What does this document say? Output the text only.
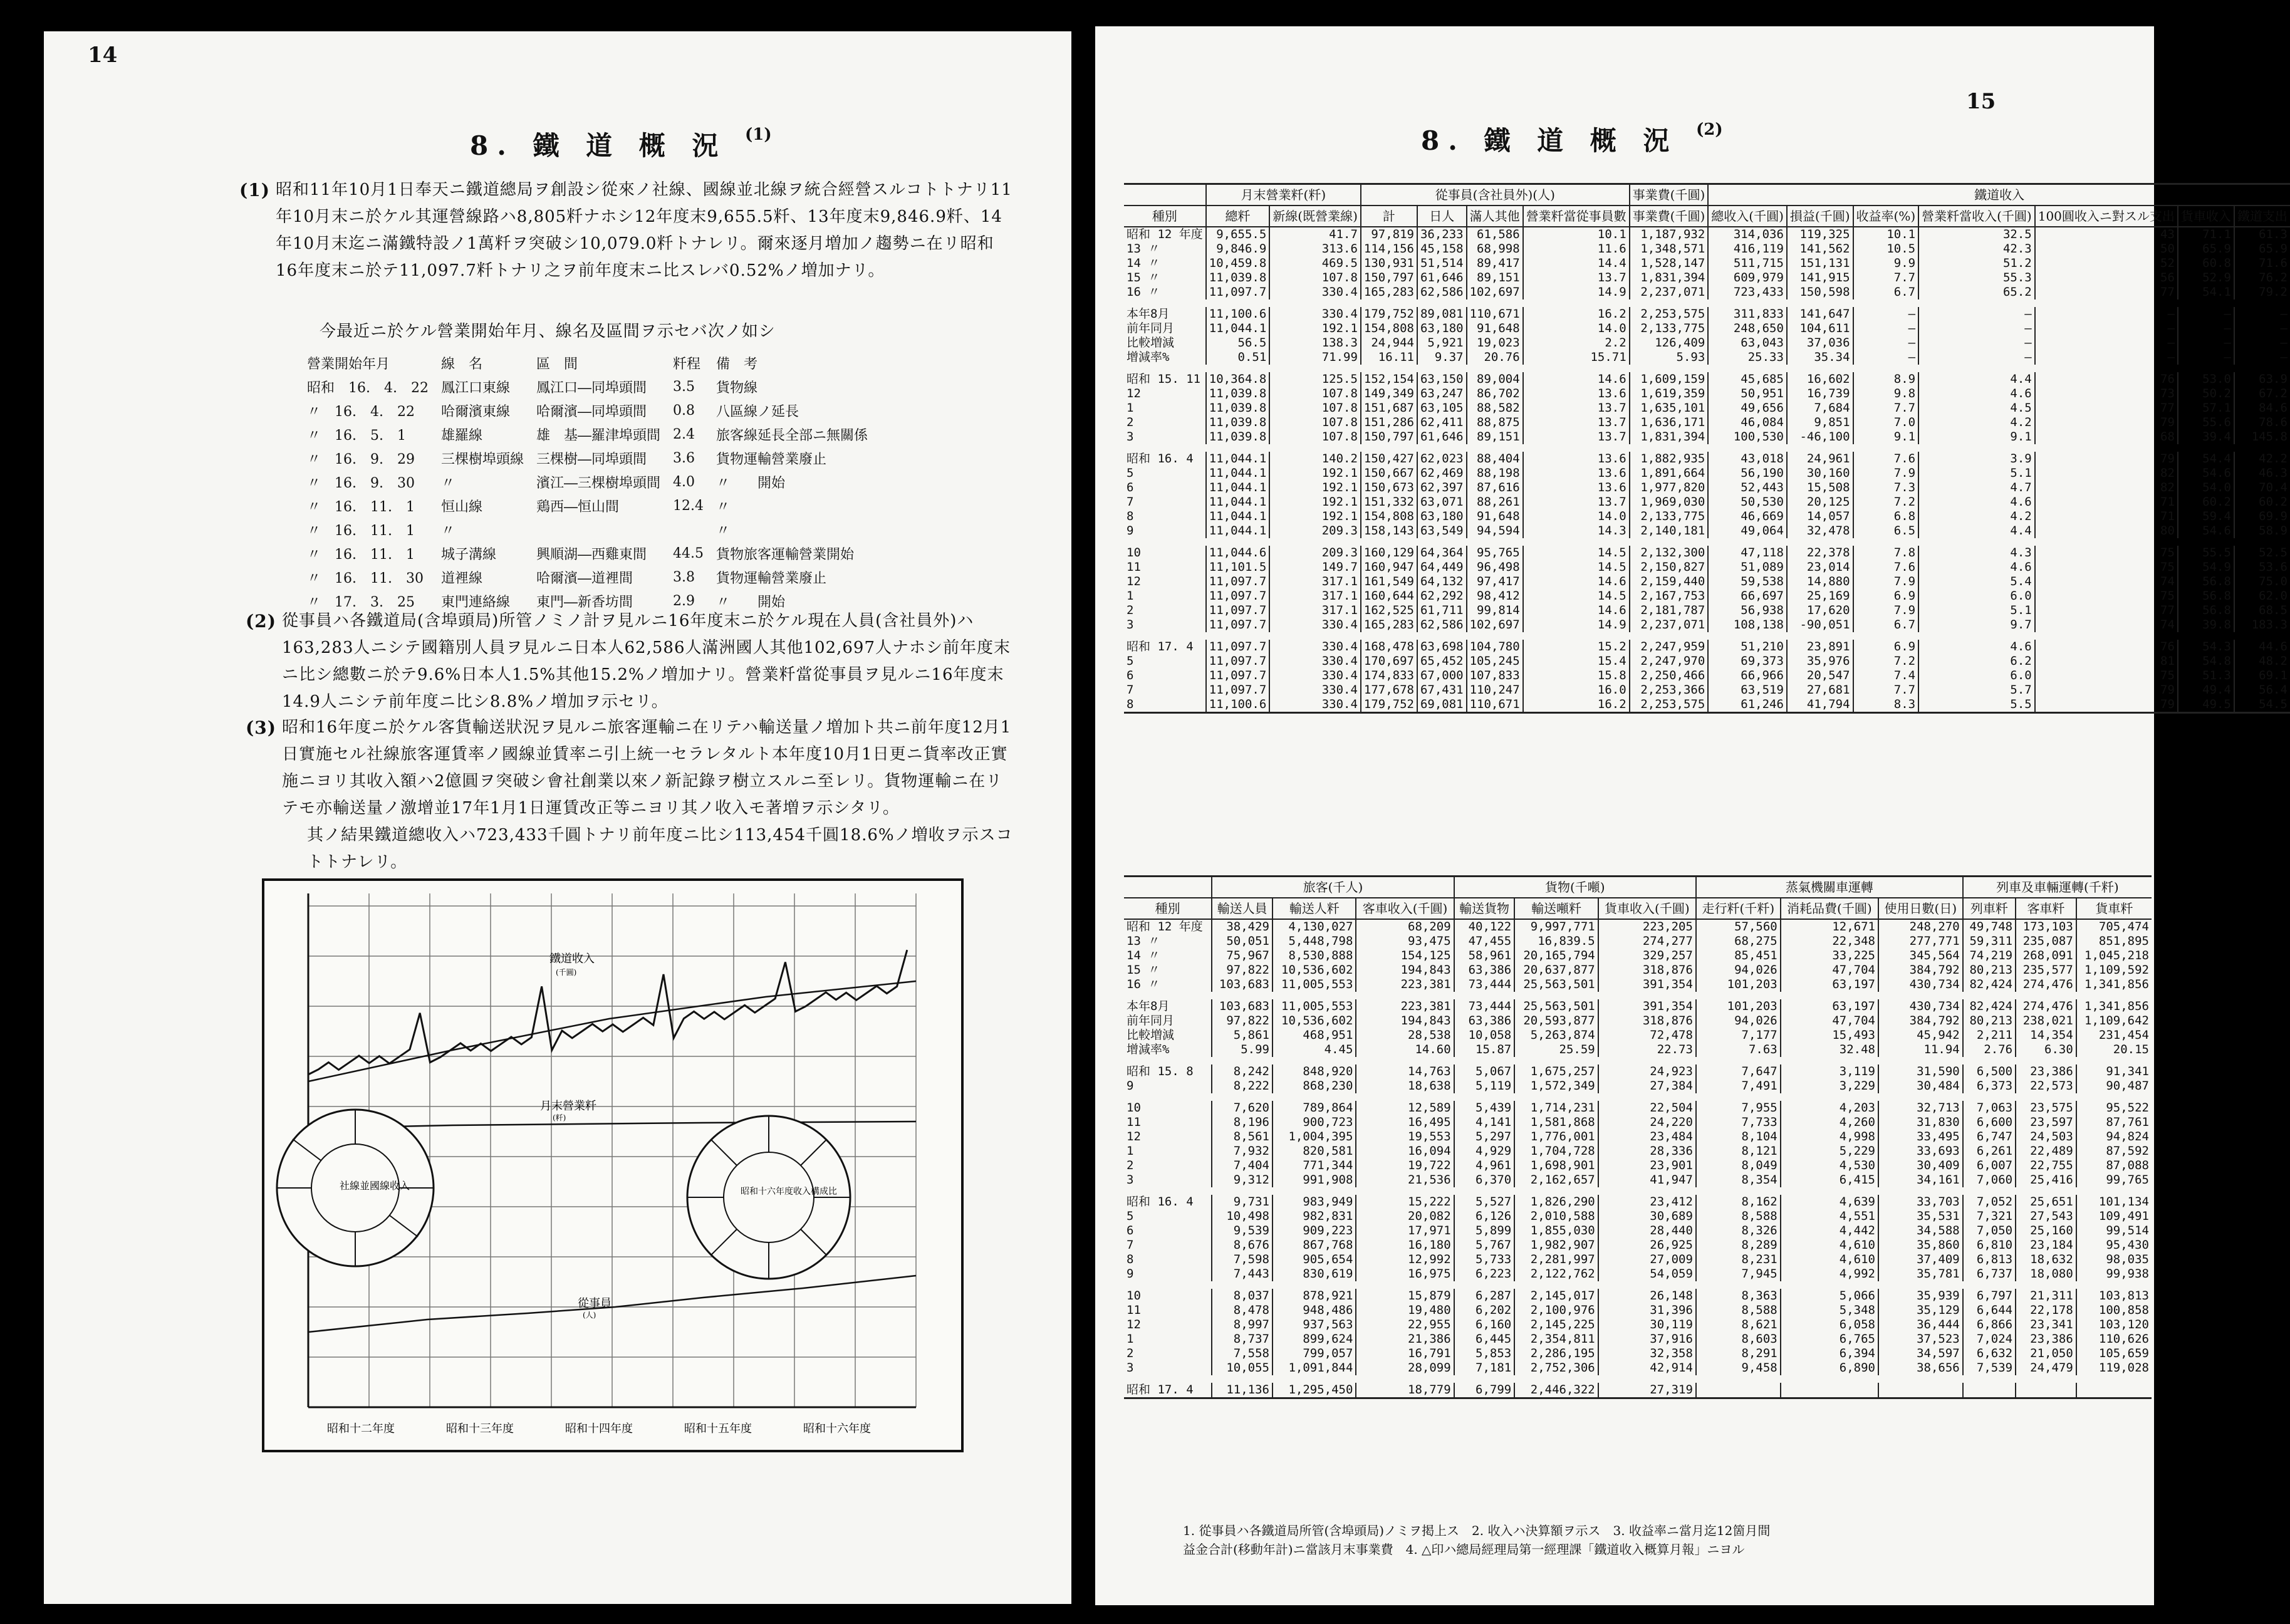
14
8. 鐵 道 概 況 $_{(1)}$
(1) 昭和11年10月1日奉天ニ鐵道總局ヲ創設シ從來ノ社線、國線並北線ヲ統合經營スルコトトナリ11年10月末ニ於ケル其運營線路ハ8,805粁ナホシ12年度末9,655.5粁、13年度末9,846.9粁、14年10月末迄ニ滿鐵特設ノ1萬粁ヲ突破シ10,079.0粁トナレリ。爾來逐月増加ノ趨勢ニ在リ昭和16年度末ニ於テ11,097.7粁トナリ之ヲ前年度末ニ比スレバ0.52%ノ増加ナリ。
今最近ニ於ケル營業開始年月、線名及區間ヲ示セバ次ノ如シ
營業開始年月	線　名	區　間	粁程	備　考
昭和　16.　4.　22	鳳江口東線	鳳江口―同埠頭間	3.5	貨物線
〃　16.　4.　22	哈爾濱東線	哈爾濱―同埠頭間	0.8	八區線ノ延長
〃　16.　5.　1	雄羅線	雄　基―羅津埠頭間	2.4	旅客線延長全部ニ無關係
〃　16.　9.　29	三棵樹埠頭線	三棵樹―同埠頭間	3.6	貨物運輸營業廢止
〃　16.　9.　30	〃	濱江―三棵樹埠頭間	4.0	〃　　開始
〃　16.　11.　1	恒山線	鶏西―恒山間	12.4	〃
〃　16.　11.　1	〃			〃
〃　16.　11.　1	城子溝線	興順湖―西雞東間	44.5	貨物旅客運輸營業開始
〃　16.　11.　30	道裡線	哈爾濱―道裡間	3.8	貨物運輸營業廢止
〃　17.　3.　25	東門連絡線	東門―新香坊間	2.9	〃　　開始
(2) 從事員ハ各鐵道局(含埠頭局)所管ノミノ計ヲ見ルニ16年度末ニ於ケル現在人員(含社員外)ハ163,283人ニシテ國籍別人員ヲ見ルニ日本人62,586人滿洲國人其他102,697人ナホシ前年度末ニ比シ總數ニ於テ9.6%日本人1.5%其他15.2%ノ増加ナリ。營業粁當從事員ヲ見ルニ16年度末14.9人ニシテ前年度ニ比シ8.8%ノ増加ヲ示セリ。
(3) 昭和16年度ニ於ケル客貨輸送狀況ヲ見ルニ旅客運輸ニ在リテハ輸送量ノ増加ト共ニ前年度12月1日實施セル社線旅客運賃率ノ國線並賃率ニ引上統一セラレタルト本年度10月1日更ニ貨率改正實施ニヨリ其收入額ハ2億圓ヲ突破シ會社創業以來ノ新記錄ヲ樹立スルニ至レリ。貨物運輸ニ在リテモ亦輸送量ノ激增並17年1月1日運賃改正等ニヨリ其ノ收入モ著増ヲ示シタリ。
其ノ結果鐵道總收入ハ723,433千圓トナリ前年度ニ比シ113,454千圓18.6%ノ増收ヲ示スコトトナレリ。
社線並國線收入	昭和十六年度收入構成比
鐵道收入
(千圓)
月末營業粁
(粁)
從事員
(人)
昭和十二年度	昭和十三年度	昭和十四年度	昭和十五年度	昭和十六年度
15
8. 鐵 道 概 況 $_{(2)}$
	月末營業粁(粁)		從事員(含社員外)(人)				事業費(千圓)	鐵道收入						
種別	總粁	新線(既營業線)	計	日人	滿人其他	營業粁當從事員數	事業費(千圓)	總收入(千圓)	損益(千圓)	收益率(%)	營業粁當收入(千圓)	100圓收入ニ對スル支出	貨車收入	鐵道支出
昭和 12 年度	9,655.5	41.7	97,819	36,233	61,586	10.1	1,187,932	314,036	119,325	10.1	32.5	43	71.1	61.3
13 〃	9,846.9	313.6	114,156	45,158	68,998	11.6	1,348,571	416,119	141,562	10.5	42.3	50	65.9	65.9
14 〃	10,459.8	469.5	130,931	51,514	89,417	14.4	1,528,147	511,715	151,131	9.9	51.2	52	60.8	71.6
15 〃	11,039.8	107.8	150,797	61,646	89,151	13.7	1,831,394	609,979	141,915	7.7	55.3	56	52.9	76.2
16 〃	11,097.7	330.4	165,283	62,586	102,697	14.9	2,237,071	723,433	150,598	6.7	65.2	77	54.1	79.2

本年8月	11,100.6	330.4	179,752	89,081	110,671	16.2	2,253,575	311,833	141,647	—	—	—	—	—
前年同月	11,044.1	192.1	154,808	63,180	91,648	14.0	2,133,775	248,650	104,611	—	—	—	—	—
比較増減	56.5	138.3	24,944	5,921	19,023	2.2	126,409	63,043	37,036	—	—	—	—	—
增減率%	0.51	71.99	16.11	9.37	20.76	15.71	5.93	25.33	35.34	—	—	—	—	—

昭和 15. 11	10,364.8	125.5	152,154	63,150	89,004	14.6	1,609,159	45,685	16,602	8.9	4.4	76	53.0	63.9
12	11,039.8	107.8	149,349	63,247	86,702	13.6	1,619,359	50,951	16,739	9.8	4.6	73	50.2	67.2
1	11,039.8	107.8	151,687	63,105	88,582	13.7	1,635,101	49,656	7,684	7.7	4.5	77	57.1	84.6
2	11,039.8	107.8	151,286	62,411	88,875	13.7	1,636,171	46,084	9,851	7.0	4.2	79	55.6	78.6
3	11,039.8	107.8	150,797	61,646	89,151	13.7	1,831,394	100,530	-46,100	9.1	9.1	68	39.4	145.8

昭和 16. 4	11,044.1	140.2	150,427	62,023	88,404	13.6	1,882,935	43,018	24,961	7.6	3.9	79	54.4	42.2
5	11,044.1	192.1	150,667	62,469	88,198	13.6	1,891,664	56,190	30,160	7.9	5.1	82	54.6	46.3
6	11,044.1	192.1	150,673	62,397	87,616	13.6	1,977,820	52,443	15,508	7.3	4.7	82	54.0	70.4
7	11,044.1	192.1	151,332	63,071	88,261	13.7	1,969,030	50,530	20,125	7.2	4.6	71	60.2	60.2
8	11,044.1	192.1	154,808	63,180	91,648	14.0	2,133,775	46,669	14,057	6.8	4.2	71	59.4	69.9
9	11,044.1	209.3	158,143	63,549	94,594	14.3	2,140,181	49,064	32,478	6.5	4.4	80	54.6	58.9

10	11,044.6	209.3	160,129	64,364	95,765	14.5	2,132,300	47,118	22,378	7.8	4.3	75	55.5	52.5
11	11,101.5	149.7	160,947	64,449	96,498	14.5	2,150,827	51,089	23,014	7.6	4.6	75	54.9	53.6
12	11,097.7	317.1	161,549	64,132	97,417	14.6	2,159,440	59,538	14,880	7.9	5.4	74	56.8	75.0
1	11,097.7	317.1	160,644	62,292	98,412	14.5	2,167,753	66,697	25,169	6.9	6.0	75	56.8	62.0
2	11,097.7	317.1	162,525	61,711	99,814	14.6	2,181,787	56,938	17,620	7.9	5.1	77	56.8	68.5
3	11,097.7	330.4	165,283	62,586	102,697	14.9	2,237,071	108,138	-90,051	6.7	9.7	74	39.8	183.3

昭和 17. 4	11,097.7	330.4	168,478	63,698	104,780	15.2	2,247,959	51,210	23,891	6.9	4.6	76	54.3	44.6
5	11,097.7	330.4	170,697	65,452	105,245	15.4	2,247,970	69,373	35,976	7.2	6.2	81	54.8	48.2
6	11,097.7	330.4	174,833	67,000	107,833	15.8	2,250,466	66,966	20,547	7.4	6.0	75	51.3	69.1
7	11,097.7	330.4	177,678	67,431	110,247	16.0	2,253,366	63,519	27,681	7.7	5.7	79	49.4	56.4
8	11,100.6	330.4	179,752	69,081	110,671	16.2	2,253,575	61,246	41,794	8.3	5.5	79	49.5	54.5
	旅客(千人)			貨物(千噸)			蒸氣機關車運轉			列車及車輛運轉(千粁)		
種別	輸送人員	輸送人粁	客車收入(千圓)	輸送貨物	輸送噸粁	貨車收入(千圓)	走行粁(千粁)	消耗品費(千圓)	使用日數(日)	列車粁	客車粁	貨車粁
昭和 12 年度	38,429	4,130,027	68,209	40,122	9,997,771	223,205	57,560	12,671	248,270	49,748	173,103	705,474
13 〃	50,051	5,448,798	93,475	47,455	16,839.5	274,277	68,275	22,348	277,771	59,311	235,087	851,895
14 〃	75,967	8,530,888	154,125	58,961	20,165,794	329,257	85,451	33,225	345,564	74,219	268,091	1,045,218
15 〃	97,822	10,536,602	194,843	63,386	20,637,877	318,876	94,026	47,704	384,792	80,213	235,577	1,109,592
16 〃	103,683	11,005,553	223,381	73,444	25,563,501	391,354	101,203	63,197	430,734	82,424	274,476	1,341,856

本年8月	103,683	11,005,553	223,381	73,444	25,563,501	391,354	101,203	63,197	430,734	82,424	274,476	1,341,856
前年同月	97,822	10,536,602	194,843	63,386	20,593,877	318,876	94,026	47,704	384,792	80,213	238,021	1,109,642
比較増減	5,861	468,951	28,538	10,058	5,263,874	72,478	7,177	15,493	45,942	2,211	14,354	231,454
增減率%	5.99	4.45	14.60	15.87	25.59	22.73	7.63	32.48	11.94	2.76	6.30	20.15

昭和 15. 8	8,242	848,920	14,763	5,067	1,675,257	24,923	7,647	3,119	31,590	6,500	23,386	91,341
9	8,222	868,230	18,638	5,119	1,572,349	27,384	7,491	3,229	30,484	6,373	22,573	90,487

10	7,620	789,864	12,589	5,439	1,714,231	22,504	7,955	4,203	32,713	7,063	23,575	95,522
11	8,196	900,723	16,495	4,141	1,581,868	24,220	7,733	4,260	31,830	6,600	23,597	87,761
12	8,561	1,004,395	19,553	5,297	1,776,001	23,484	8,104	4,998	33,495	6,747	24,503	94,824
1	7,932	820,581	16,094	4,929	1,704,728	28,336	8,121	5,229	33,693	6,261	22,489	87,592
2	7,404	771,344	19,722	4,961	1,698,901	23,901	8,049	4,530	30,409	6,007	22,755	87,088
3	9,312	991,908	21,536	6,370	2,162,657	41,947	8,354	6,415	34,161	7,060	25,416	99,765

昭和 16. 4	9,731	983,949	15,222	5,527	1,826,290	23,412	8,162	4,639	33,703	7,052	25,651	101,134
5	10,498	982,831	20,082	6,126	2,010,588	30,689	8,588	4,551	35,531	7,321	27,543	109,491
6	9,539	909,223	17,971	5,899	1,855,030	28,440	8,326	4,442	34,588	7,050	25,160	99,514
7	8,676	867,768	16,180	5,767	1,982,907	26,925	8,289	4,610	35,860	6,810	23,184	95,430
8	7,598	905,654	12,992	5,733	2,281,997	27,009	8,231	4,610	37,409	6,813	18,632	98,035
9	7,443	830,619	16,975	6,223	2,122,762	54,059	7,945	4,992	35,781	6,737	18,080	99,938

10	8,037	878,921	15,879	6,287	2,145,017	26,148	8,363	5,066	35,939	6,797	21,311	103,813
11	8,478	948,486	19,480	6,202	2,100,976	31,396	8,588	5,348	35,129	6,644	22,178	100,858
12	8,997	937,563	22,955	6,160	2,145,225	30,119	8,621	6,058	36,444	6,866	23,341	103,120
1	8,737	899,624	21,386	6,445	2,354,811	37,916	8,603	6,765	37,523	7,024	23,386	110,626
2	7,558	799,057	16,791	5,853	2,286,195	32,358	8,291	6,394	34,597	6,632	21,050	105,659
3	10,055	1,091,844	28,099	7,181	2,752,306	42,914	9,458	6,890	38,656	7,539	24,479	119,028

昭和 17. 4	11,136	1,295,450	18,779	6,799	2,446,322	27,319						
1. 從事員ハ各鐵道局所管(含埠頭局)ノミヲ掲上ス　2. 收入ハ決算額ヲ示ス　3. 收益率ニ當月迄12箇月間
益金合計(移動年計)ニ當該月末事業費　4. △印ハ總局經理局第一經理課「鐵道收入概算月報」ニヨル
